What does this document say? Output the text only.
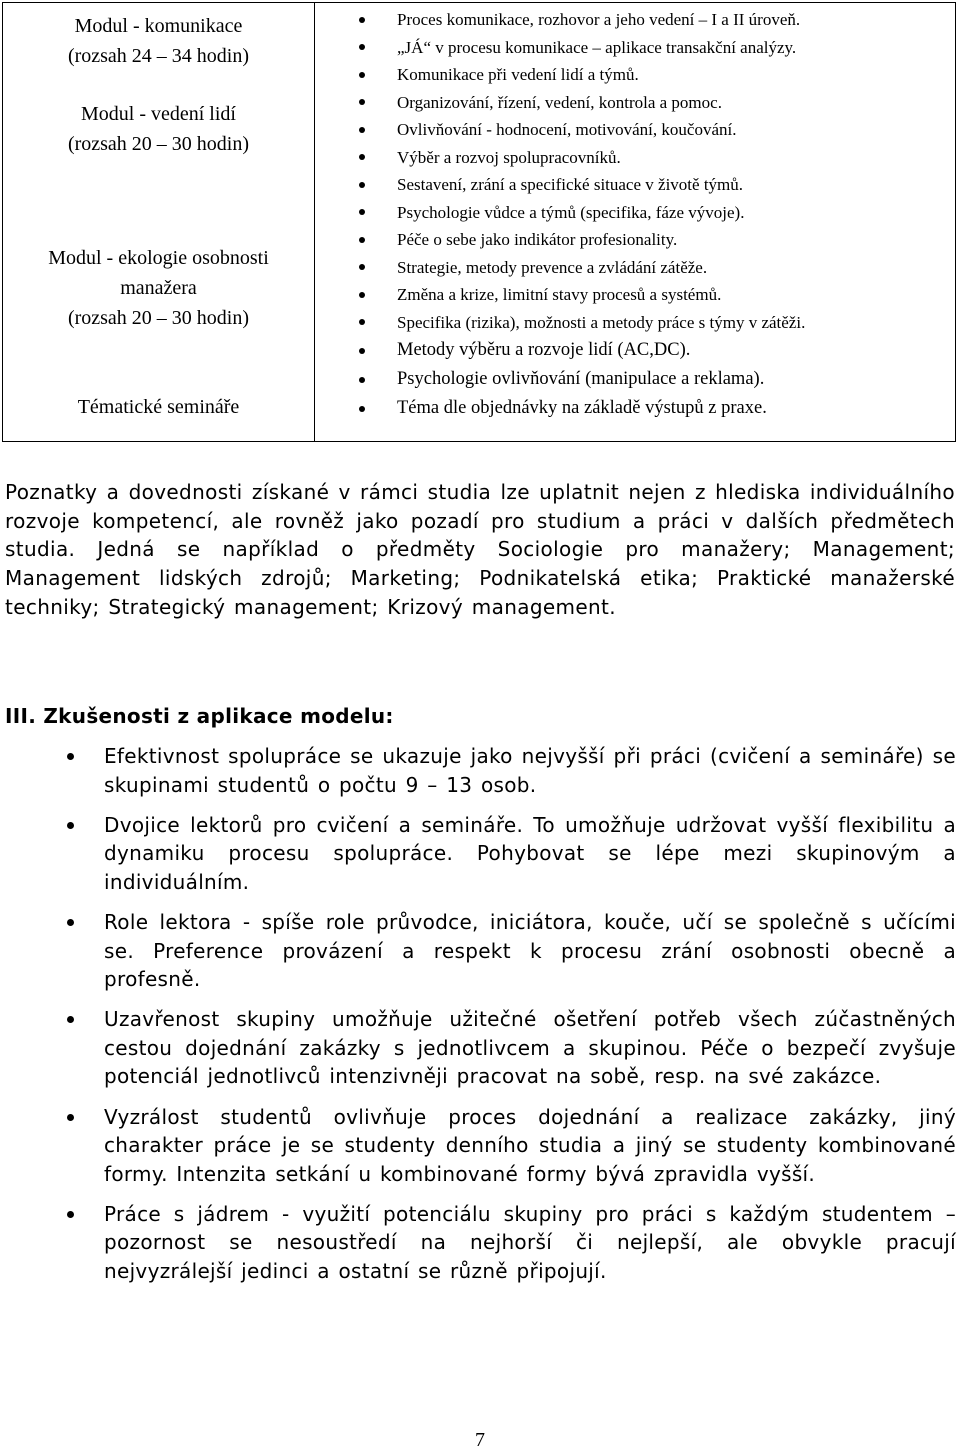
Modul - komunikace
(rozsah 24 – 34 hodin)
Modul - vedení lidí
(rozsah 20 – 30 hodin)
Modul - ekologie osobnosti
manažera
(rozsah 20 – 30 hodin)
Tématické semináře

Proces komunikace, rozhovor a jeho vedení – I a II úroveň.
„JÁ“ v procesu komunikace – aplikace transakční analýzy.
Komunikace při vedení lidí a týmů.
Organizování, řízení, vedení, kontrola a pomoc.
Ovlivňování - hodnocení, motivování, koučování.
Výběr a rozvoj spolupracovníků.
Sestavení, zrání a specifické situace v životě týmů.
Psychologie vůdce a týmů (specifika, fáze vývoje).
Péče o sebe jako indikátor profesionality.
Strategie, metody prevence a zvládání zátěže.
Změna a krize, limitní stavy procesů a systémů.
Specifika (rizika), možnosti a metody práce s týmy v zátěži.
Metody výběru a rozvoje lidí (AC,DC).
Psychologie ovlivňování (manipulace a reklama).
Téma dle objednávky na základě výstupů z praxe.

Poznatky a dovednosti získané v rámci studia lze uplatnit nejen z hlediska individuálního rozvoje kompetencí, ale rovněž jako pozadí pro studium a práci v dalších předmětech studia. Jedná se například o předměty Sociologie pro manažery; Management; Management lidských zdrojů; Marketing; Podnikatelská etika; Praktické manažerské techniky; Strategický management; Krizový management.

III. Zkušenosti z aplikace modelu:
Efektivnost spolupráce se ukazuje jako nejvyšší při práci (cvičení a semináře) se skupinami studentů o počtu 9 – 13 osob.
Dvojice lektorů pro cvičení a semináře. To umožňuje udržovat vyšší flexibilitu a dynamiku procesu spolupráce. Pohybovat se lépe mezi skupinovým a individuálním.
Role lektora - spíše role průvodce, iniciátora, kouče, učí se společně s učícími se. Preference provázení a respekt k procesu zrání osobnosti obecně a profesně.
Uzavřenost skupiny umožňuje užitečné ošetření potřeb všech zúčastněných cestou dojednání zakázky s jednotlivcem a skupinou. Péče o bezpečí zvyšuje potenciál jednotlivců intenzivněji pracovat na sobě, resp. na své zakázce.
Vyzrálost studentů ovlivňuje proces dojednání a realizace zakázky, jiný charakter práce je se studenty denního studia a jiný se studenty kombinované formy. Intenzita setkání u kombinované formy bývá zpravidla vyšší.
Práce s jádrem - využití potenciálu skupiny pro práci s každým studentem – pozornost se nesoustředí na nejhorší či nejlepší, ale obvykle pracují nejvyzrálejší jedinci a ostatní se různě připojují.
7
